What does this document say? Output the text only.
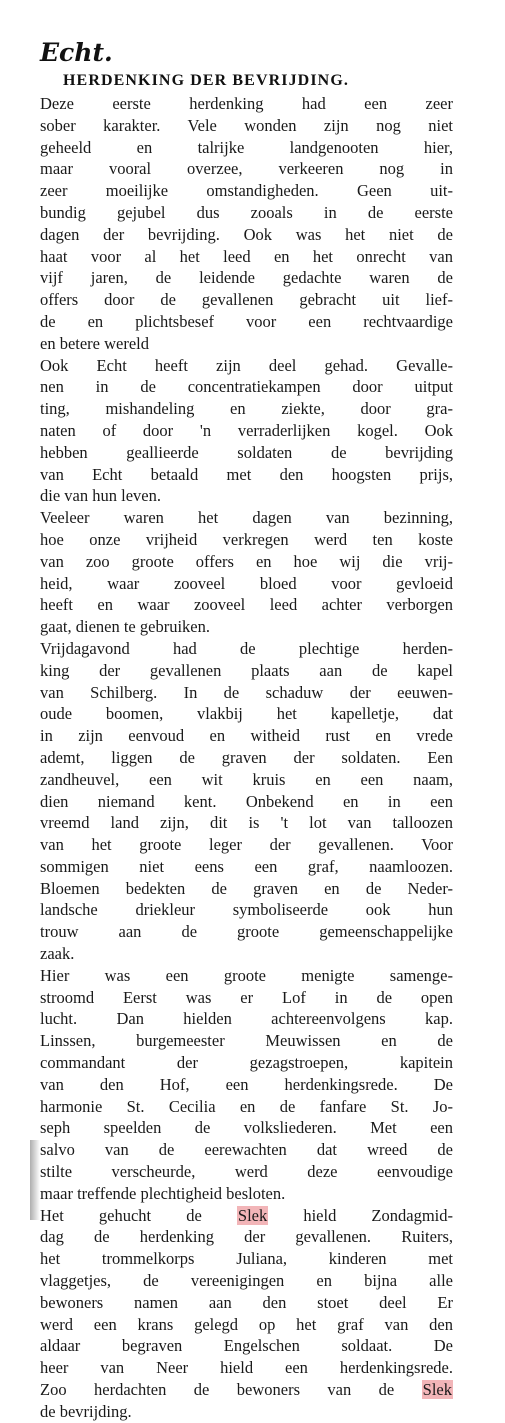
Echt.
HERDENKING DER BEVRIJDING.
Deze eerste herdenking had een zeer
sober karakter. Vele wonden zijn nog niet
geheeld en talrijke landgenooten hier,
maar vooral overzee, verkeeren nog in
zeer moeilijke omstandigheden. Geen uit-
bundig gejubel dus zooals in de eerste
dagen der bevrijding. Ook was het niet de
haat voor al het leed en het onrecht van
vijf jaren, de leidende gedachte waren de
offers door de gevallenen gebracht uit lief-
de en plichtsbesef voor een rechtvaardige
en betere wereld
Ook Echt heeft zijn deel gehad. Gevalle-
nen in de concentratiekampen door uitput
ting, mishandeling en ziekte, door gra-
naten of door 'n verraderlijken kogel. Ook
hebben geallieerde soldaten de bevrijding
van Echt betaald met den hoogsten prijs,
die van hun leven.
Veeleer waren het dagen van bezinning,
hoe onze vrijheid verkregen werd ten koste
van zoo groote offers en hoe wij die vrij-
heid, waar zooveel bloed voor gevloeid
heeft en waar zooveel leed achter verborgen
gaat, dienen te gebruiken.
Vrijdagavond had de plechtige herden-
king der gevallenen plaats aan de kapel
van Schilberg. In de schaduw der eeuwen-
oude boomen, vlakbij het kapelletje, dat
in zijn eenvoud en witheid rust en vrede
ademt, liggen de graven der soldaten. Een
zandheuvel, een wit kruis en een naam,
dien niemand kent. Onbekend en in een
vreemd land zijn, dit is 't lot van talloozen
van het groote leger der gevallenen. Voor
sommigen niet eens een graf, naamloozen.
Bloemen bedekten de graven en de Neder-
landsche driekleur symboliseerde ook hun
trouw aan de groote gemeenschappelijke
zaak.
Hier was een groote menigte samenge-
stroomd Eerst was er Lof in de open
lucht. Dan hielden achtereenvolgens kap.
Linssen, burgemeester Meuwissen en de
commandant der gezagstroepen, kapitein
van den Hof, een herdenkingsrede. De
harmonie St. Cecilia en de fanfare St. Jo-
seph speelden de volksliederen. Met een
salvo van de eerewachten dat wreed de
stilte verscheurde, werd deze eenvoudige
maar treffende plechtigheid besloten.
Het gehucht de Slek hield Zondagmid-
dag de herdenking der gevallenen. Ruiters,
het trommelkorps Juliana, kinderen met
vlaggetjes, de vereenigingen en bijna alle
bewoners namen aan den stoet deel Er
werd een krans gelegd op het graf van den
aldaar begraven Engelschen soldaat. De
heer van Neer hield een herdenkingsrede.
Zoo herdachten de bewoners van de Slek
de bevrijding.
